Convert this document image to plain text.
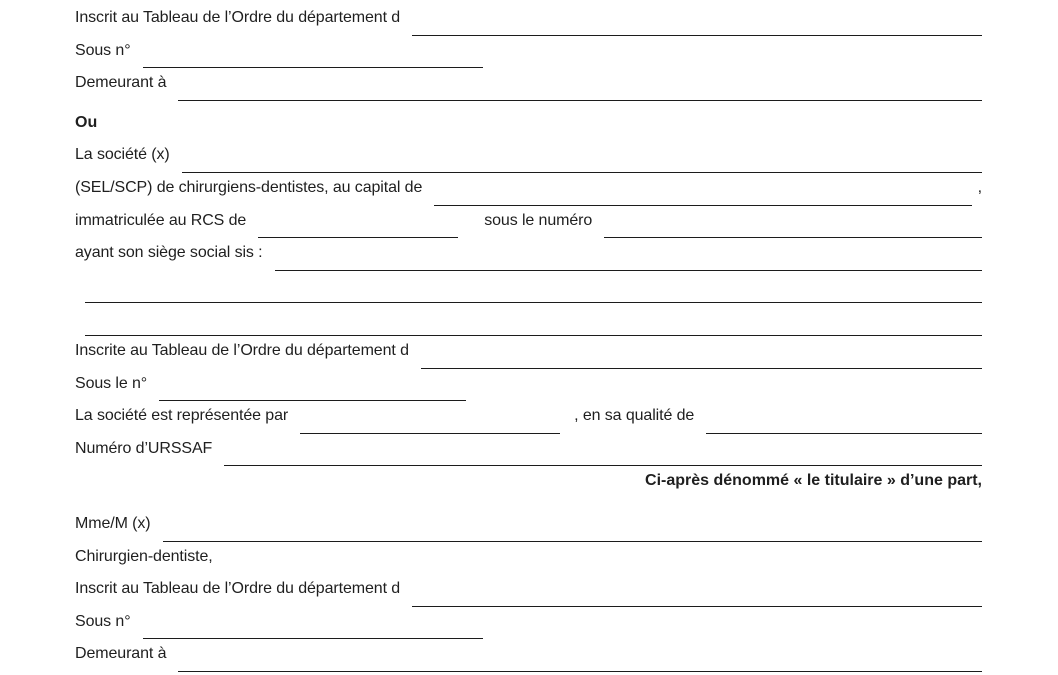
Inscrit au Tableau de l’Ordre du département d

Sous n°

Demeurant à

Ou
La société (x)

(SEL/SCP) de chirurgiens-dentistes, au capital de
	,
immatriculée au RCS de
	sous le numéro

ayant son siège social sis :

Inscrite au Tableau de l’Ordre du département d

Sous le n°

La société est représentée par
	, en sa qualité de

Numéro d’URSSAF

Ci-après dénommé « le titulaire » d’une part,
Mme/M (x)

Chirurgien-dentiste,
Inscrit au Tableau de l’Ordre du département d

Sous n°

Demeurant à
